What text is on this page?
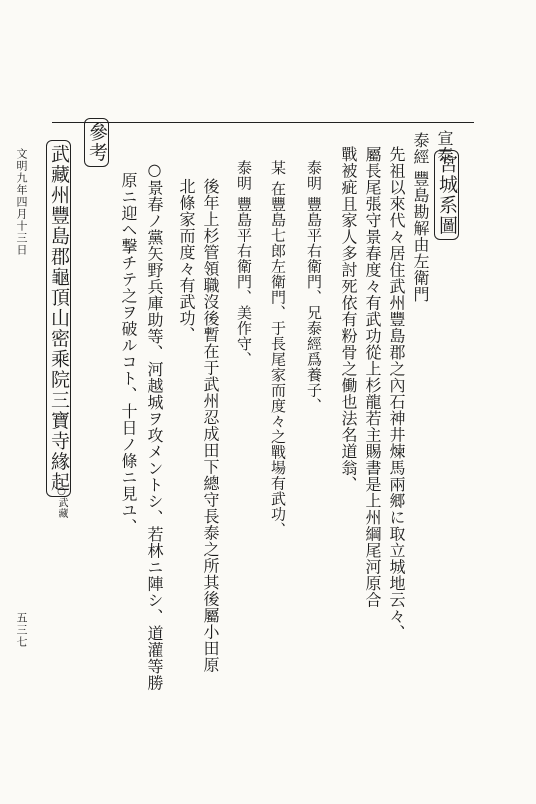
宮城系圖
宣泰
泰經 豐島勘解由左衛門
先祖以來代々居住武州豐島郡之內石神井煉馬兩郷に取立城地云々、
屬長尾張守景春度々有武功從上杉龍若主賜書是上州綱尾河原合
戰被疵且家人多討死依有粉骨之働也法名道翁、
泰明 豐島平右衛門、兄泰經爲養子、
某 在豐島七郎左衛門、于長尾家而度々之戰場有武功、
泰明 豐島平右衛門、美作守、
後年上杉管領職沒後暫在于武州忍成田下總守長泰之所其後屬小田原
北條家而度々有武功、
○景春ノ黨矢野兵庫助等、河越城ヲ攻メントシ、若林ニ陣シ、道灌等勝
原ニ迎ヘ撃チテ之ヲ破ルコト、十日ノ條ニ見ユ、
參考
武藏州豐島郡龜頂山密乘院三寶寺緣起
○武藏
文明九年四月十三日
五三七
